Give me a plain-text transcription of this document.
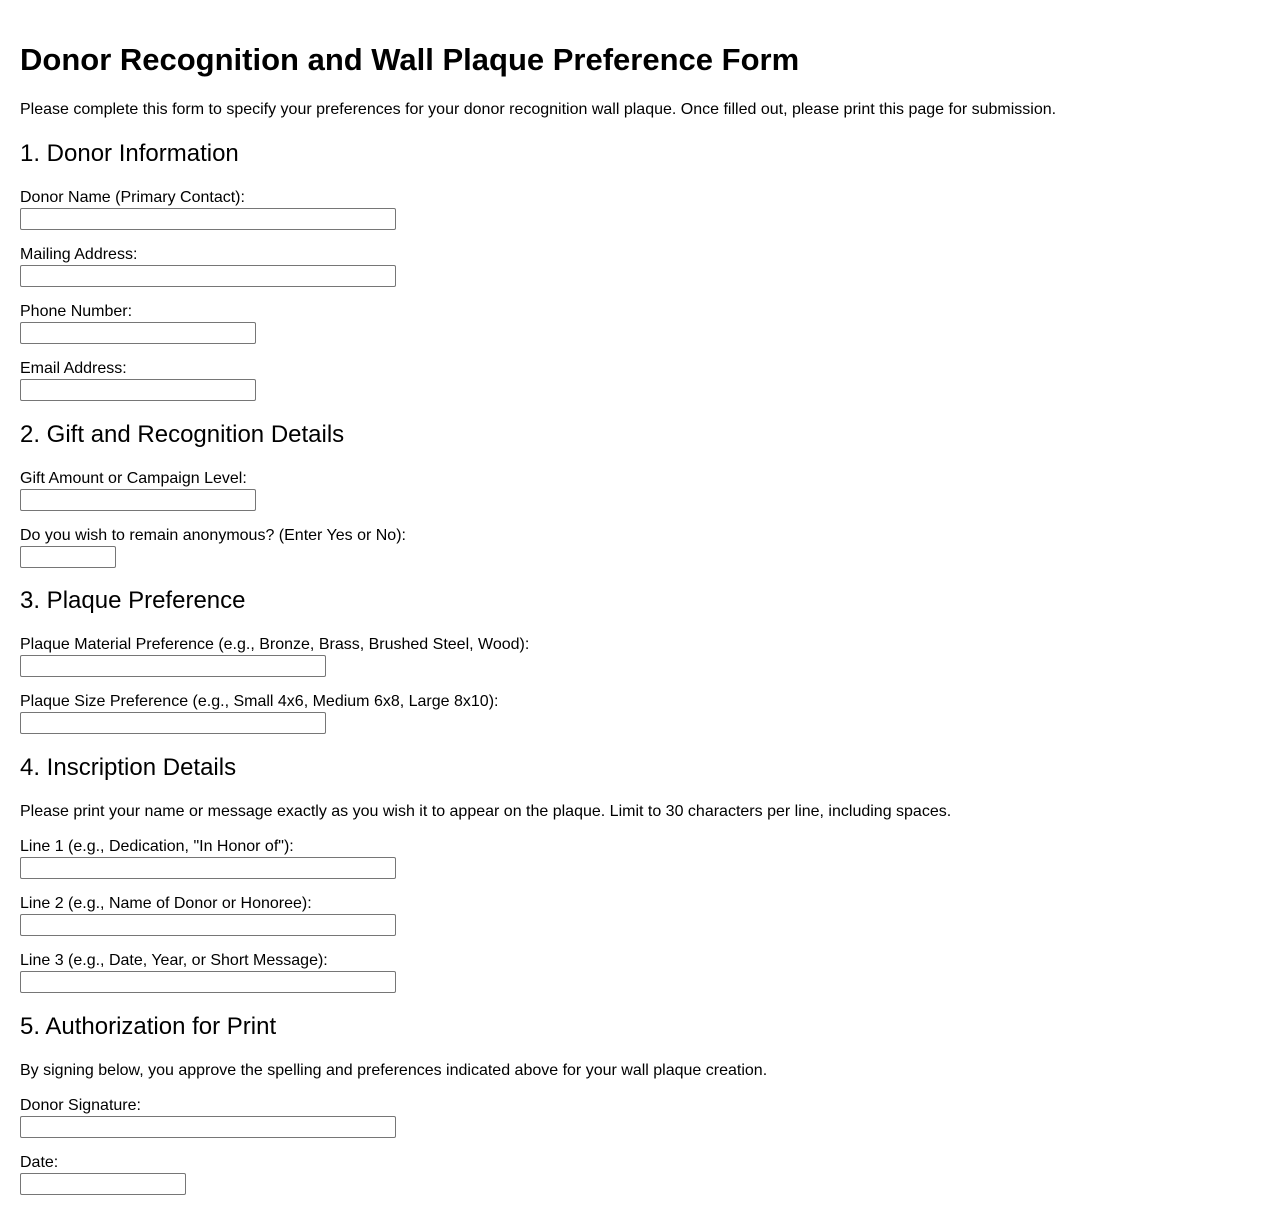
Donor Recognition and Wall Plaque Preference Form

Please complete this form to specify your preferences for your donor recognition wall plaque. Once filled out, please print this page for submission.

1. Donor Information
Donor Name (Primary Contact):
Mailing Address:
Phone Number:
Email Address:
2. Gift and Recognition Details
Gift Amount or Campaign Level:
Do you wish to remain anonymous? (Enter Yes or No):
3. Plaque Preference
Plaque Material Preference (e.g., Bronze, Brass, Brushed Steel, Wood):
Plaque Size Preference (e.g., Small 4x6, Medium 6x8, Large 8x10):
4. Inscription Details

Please print your name or message exactly as you wish it to appear on the plaque. Limit to 30 characters per line, including spaces.

Line 1 (e.g., Dedication, "In Honor of"):
Line 2 (e.g., Name of Donor or Honoree):
Line 3 (e.g., Date, Year, or Short Message):
5. Authorization for Print

By signing below, you approve the spelling and preferences indicated above for your wall plaque creation.

Donor Signature:
Date:
